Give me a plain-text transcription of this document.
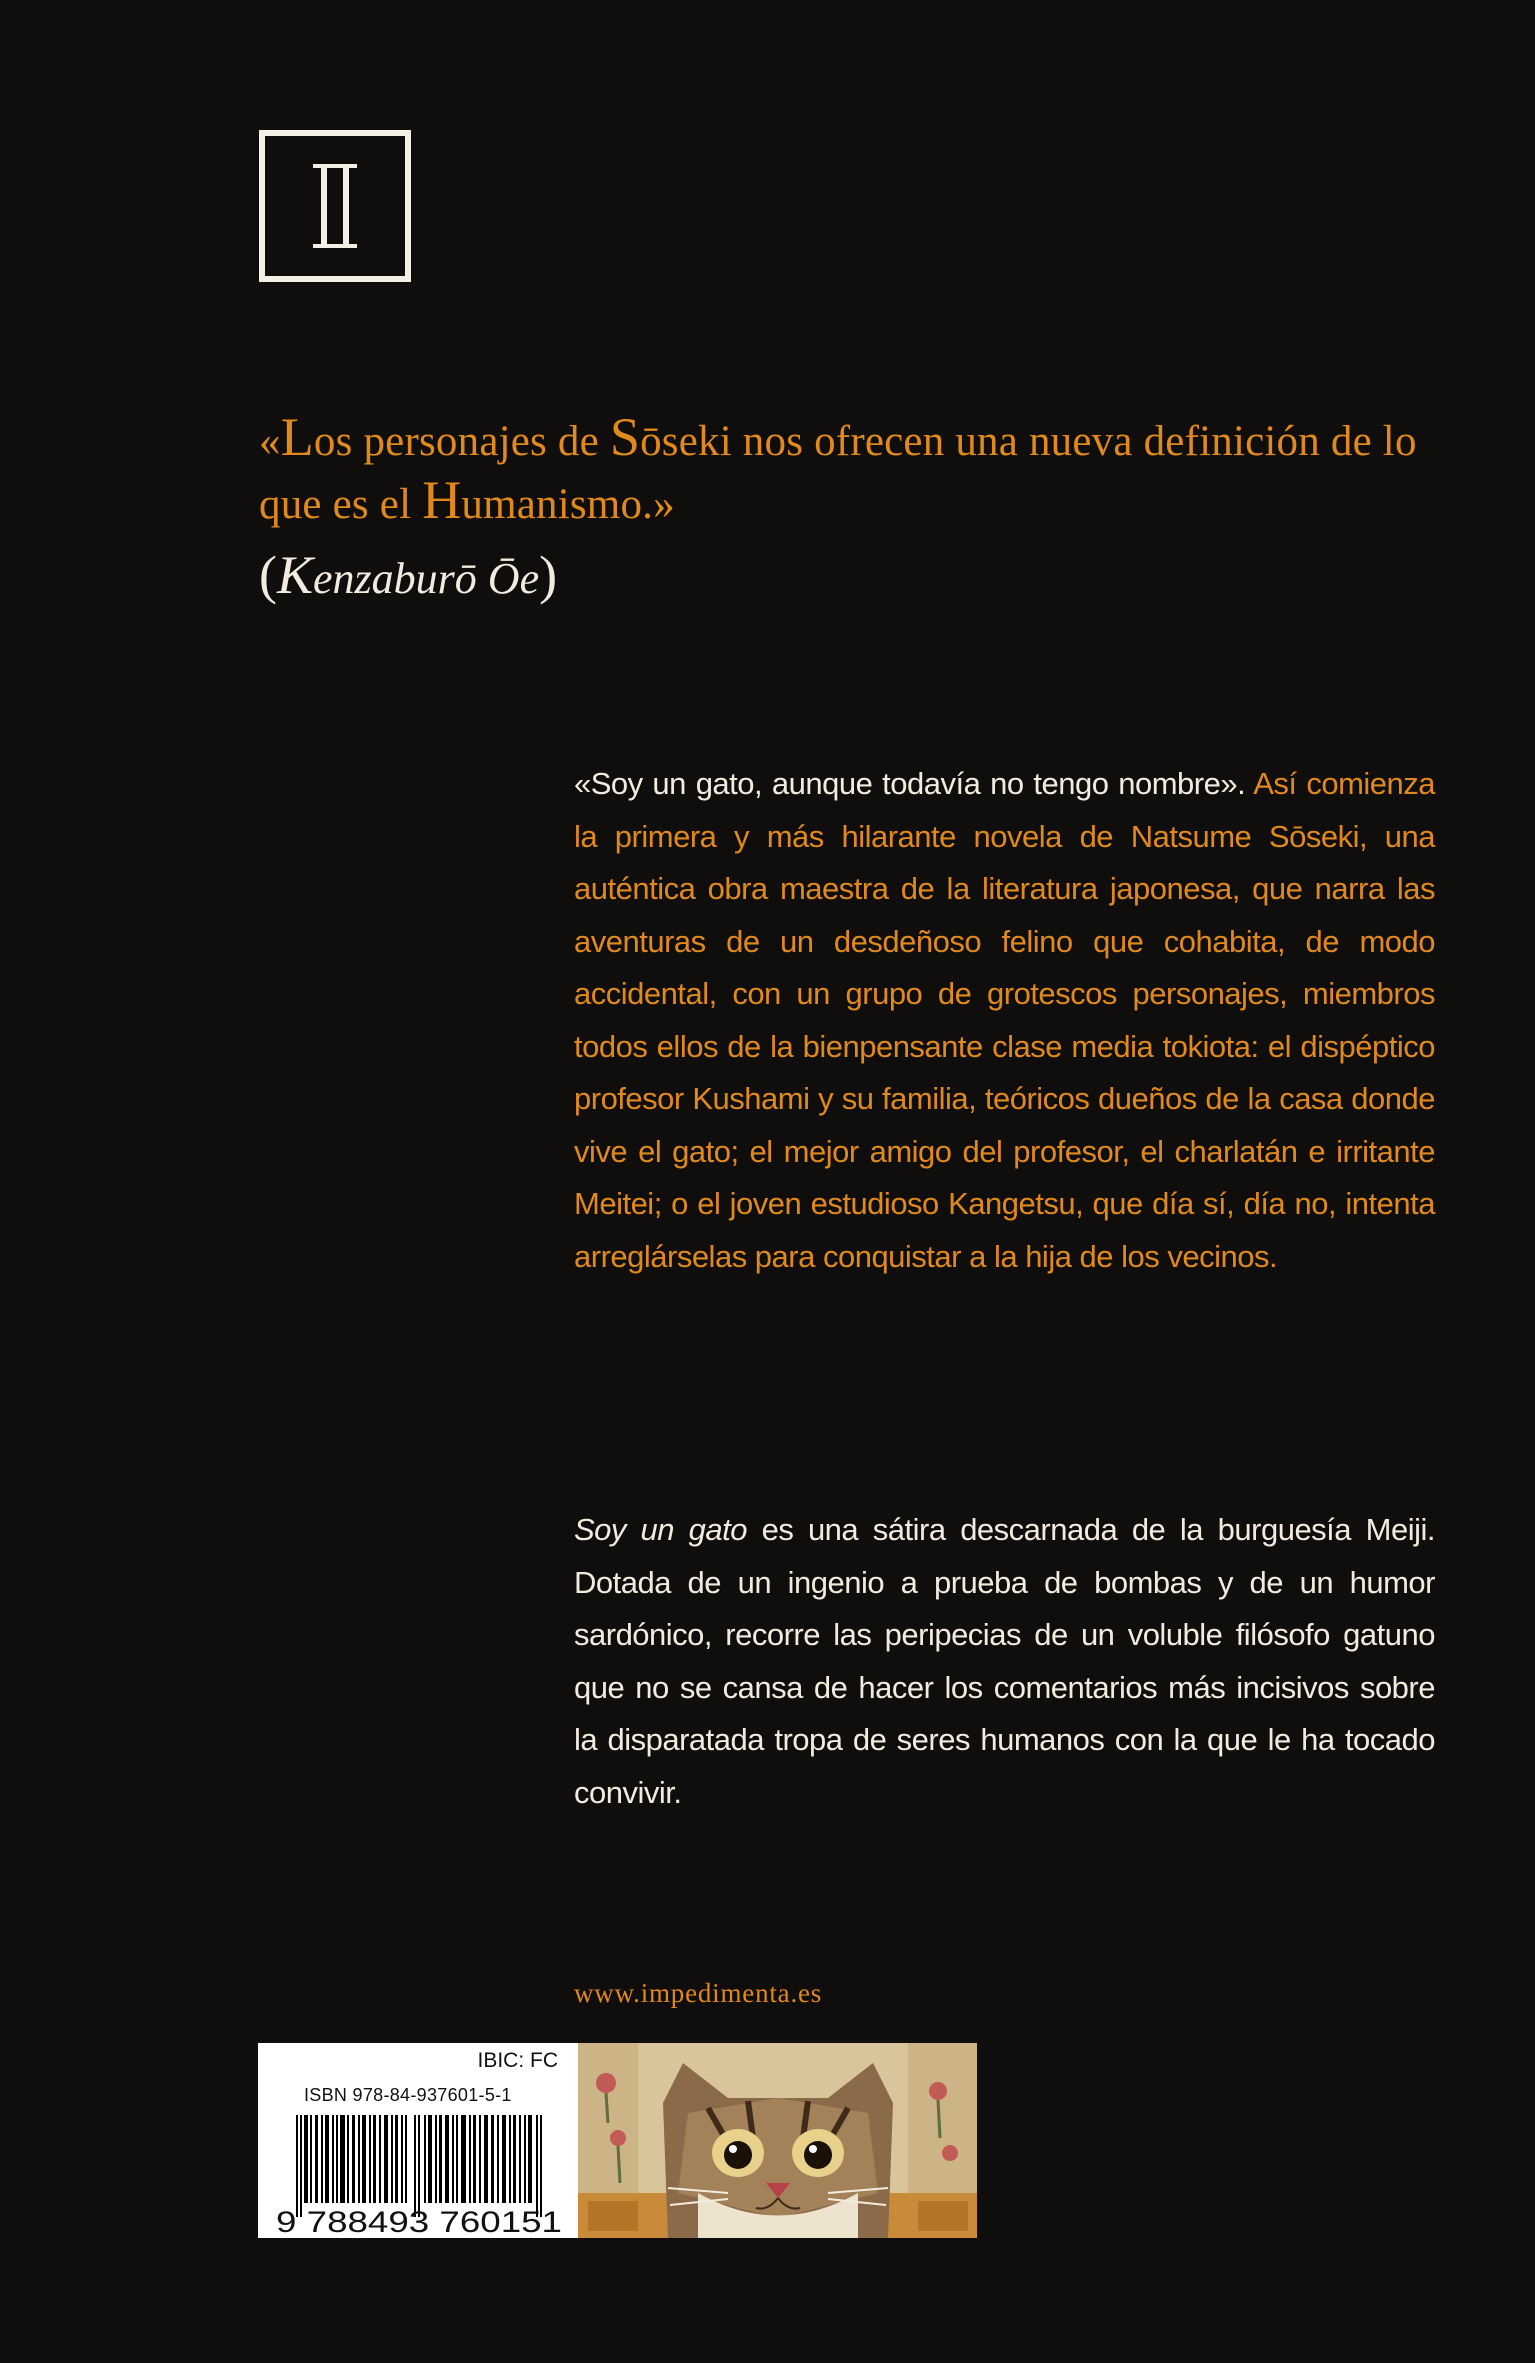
I
«Los personajes de Sōseki nos ofrecen una nueva definición de lo que es el Humanismo.»
(Kenzaburō Ōe)
«Soy un gato, aunque todavía no tengo nombre». Así comienza la primera y más hilarante novela de Natsume Sōseki, una auténtica obra maestra de la literatura japonesa, que narra las aventuras de un desdeñoso felino que cohabita, de modo accidental, con un grupo de grotescos personajes, miembros todos ellos de la bienpensante clase media tokiota: el dispéptico profesor Kushami y su familia, teóricos dueños de la casa donde vive el gato; el mejor amigo del profesor, el charlatán e irritante Meitei; o el joven estudioso Kangetsu, que día sí, día no, intenta arreglárselas para conquistar a la hija de los vecinos.
Soy un gato es una sátira descarnada de la burguesía Meiji. Dotada de un ingenio a prueba de bombas y de un humor sardónico, recorre las peripecias de un voluble filósofo gatuno que no se cansa de hacer los comentarios más incisivos sobre la disparatada tropa de seres humanos con la que le ha tocado convivir.
www.impedimenta.es
IBIC: FC
ISBN 978-84-937601-5-1
9 788493 760151
